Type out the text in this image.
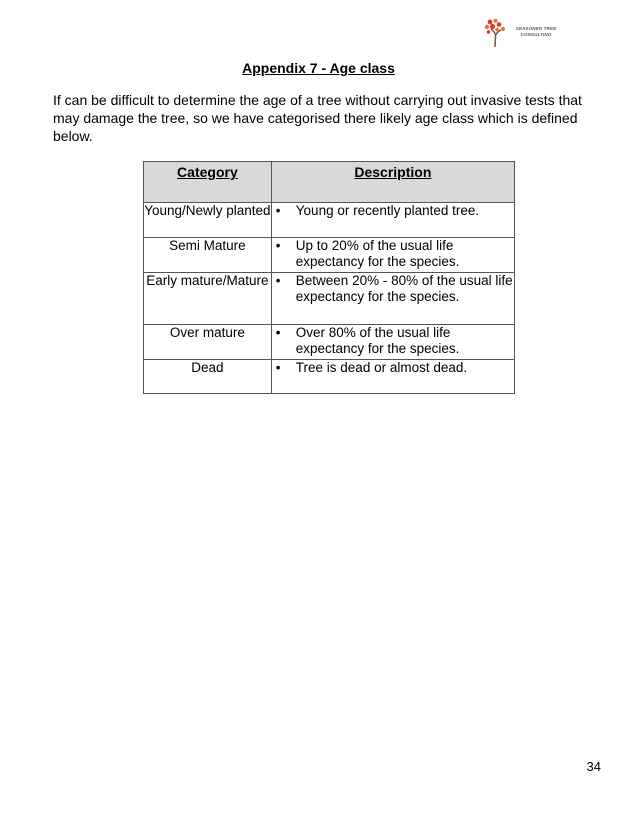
SEASONED TREE
CONSULTING
Appendix 7 - Age class

If can be difficult to determine the age of a tree without carrying out invasive tests that may damage the tree, so we have categorised there likely age class which is defined below.

Category	Description
Young/Newly planted	• Young or recently planted tree.

Semi Mature	• Up to 20% of the usual life expectancy for the species.

Early mature/Mature	• Between 20% - 80% of the usual life expectancy for the species.

Over mature	• Over 80% of the usual life expectancy for the species.

Dead	• Tree is dead or almost dead.
34
